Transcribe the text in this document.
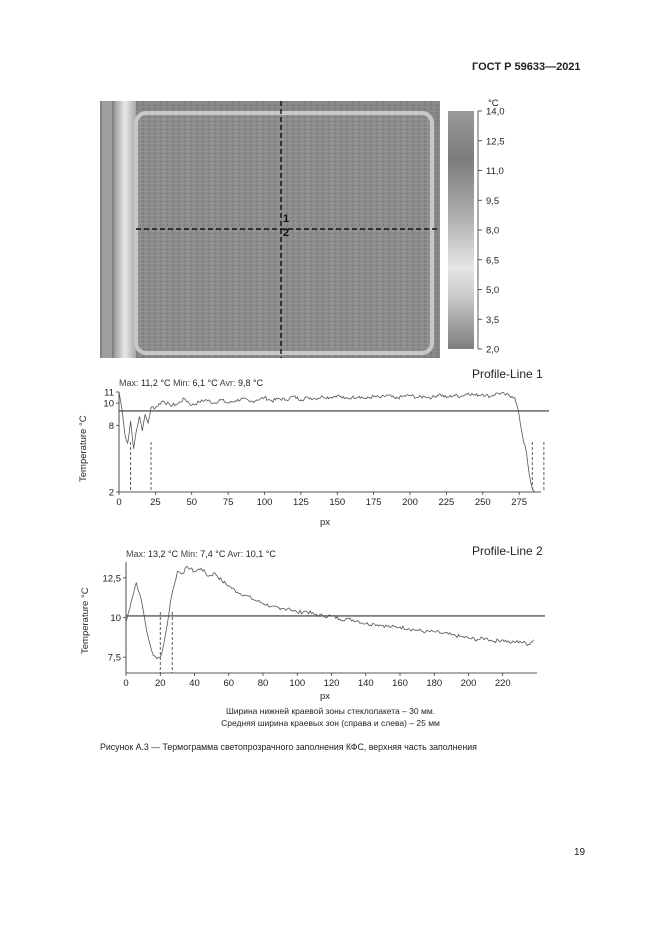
ГОСТ Р 59633—2021
1
2
°C
14,0
12,5
11,0
9,5
8,0
6,5
5,0
3,5
2,0
Profile-Line 1
Max: 11,2 °C Min: 6,1 °C Avr: 9,8 °C
Temperature °C
px
0	25	50	75 100 125 150 175 200 225 250 275
2
8
10
11
Profile-Line 2
Max: 13,2 °C Min: 7,4 °C Avr: 10,1 °C
Temperature °C
px
0	20 40 60 80 100 120 140 160 180 200 220
7,5
10
12,5
Ширина нижней краевой зоны стеклопакета – 30 мм.
Средняя ширина краевых зон (справа и слева) – 25 мм
Рисунок А.3 — Термограмма светопрозрачного заполнения КФС, верхняя часть заполнения
19
